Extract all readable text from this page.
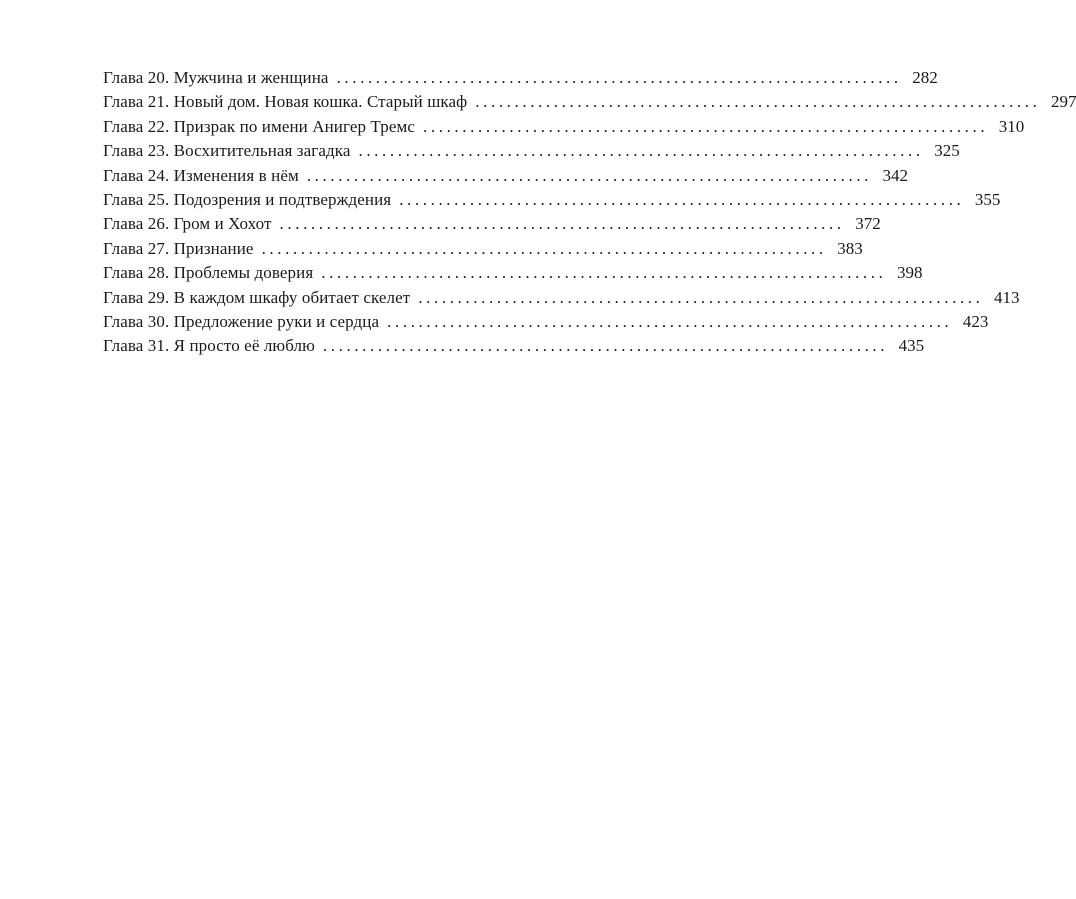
Глава 20. Мужчина и женщина ........................................................................ 282
Глава 21. Новый дом. Новая кошка. Старый шкаф ........................................................................ 297
Глава 22. Призрак по имени Анигер Тремс ........................................................................ 310
Глава 23. Восхитительная загадка ........................................................................ 325
Глава 24. Изменения в нём ........................................................................ 342
Глава 25. Подозрения и подтверждения ........................................................................ 355
Глава 26. Гром и Хохот ........................................................................ 372
Глава 27. Признание ........................................................................ 383
Глава 28. Проблемы доверия ........................................................................ 398
Глава 29. В каждом шкафу обитает скелет ........................................................................ 413
Глава 30. Предложение руки и сердца ........................................................................ 423
Глава 31. Я просто её люблю ........................................................................ 435
